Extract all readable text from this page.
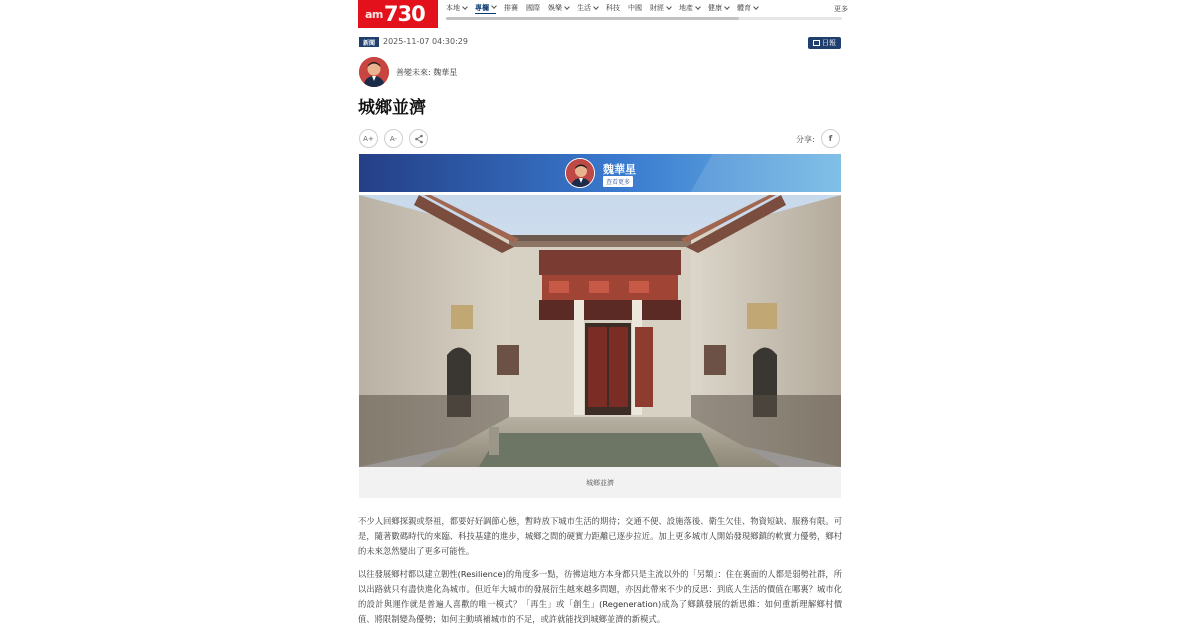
am 730	本地 專欄 排賽 國際 娛樂 生活 科技 中國 財經 地產 健康 體育	更多
新聞	2025-11-07 04:30:29	日報
善變未來: 魏華星
城鄉並濟
A+ A-	分享: f
魏華星
查看更多
城鄉並濟

不少人回鄉探親或祭祖，都要好好調節心態，暫時放下城市生活的期待；交通不便、設施落後、衛生欠佳、物資短缺、服務有限。可是，隨著數碼時代的來臨、科技基建的進步，城鄉之間的硬實力距離已逐步拉近。加上更多城市人開始發現鄉鎮的軟實力優勢，鄉村的未來忽然變出了更多可能性。

以往發展鄉村都以建立韌性(Resilience)的角度多一點，彷彿這地方本身都只是主流以外的「另類」：住在裏面的人都是弱勢社群，所以出路就只有盡快進化為城市。但近年大城市的發展衍生越來越多問題，亦因此帶來不少的反思：到底人生活的價值在哪裏？城市化的設計與運作就是普遍人喜歡的唯一模式？「再生」或「創生」(Regeneration)成為了鄉鎮發展的新思維：如何重新理解鄉村價值、將限制變為優勢；如何主動填補城市的不足，或許就能找到城鄉並濟的新模式。
